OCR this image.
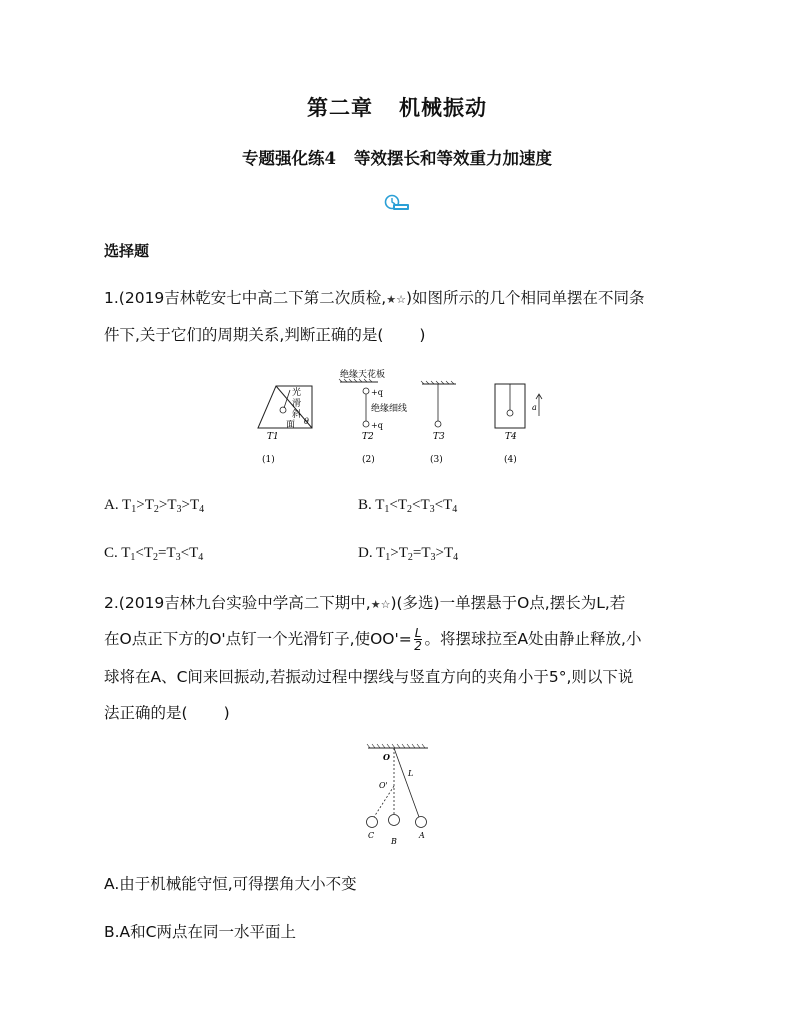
第二章 机械振动
专题强化练4 等效摆长和等效重力加速度
选择题
1.(2019吉林乾安七中高二下第二次质检,★☆)如图所示的几个相同单摆在不同条
件下,关于它们的周期关系,判断正确的是( )
光
滑
斜
面 θ
T1
(1)
绝缘天花板
+q
绝缘细线
+q
T2
(2)
T3
(3)
a
T4
(4)
A. $T_1>T_2>T_3>T_4$	B. $T_1<T_2<T_3<T_4$
C. $T_1<T_2=T_3<T_4$	D. $T_1>T_2=T_3>T_4$
2.(2019吉林九台实验中学高二下期中,★☆)(多选)一单摆悬于O点,摆长为L,若
在O点正下方的O'点钉一个光滑钉子,使$OO'= \frac{L}{2}$ 。将摆球拉至A处由静止释放,小
球将在A、C间来回振动,若振动过程中摆线与竖直方向的夹角小于5°,则以下说
法正确的是( )
O
O'
L
C
B
A
A.由于机械能守恒,可得摆角大小不变
B.A和C两点在同一水平面上
